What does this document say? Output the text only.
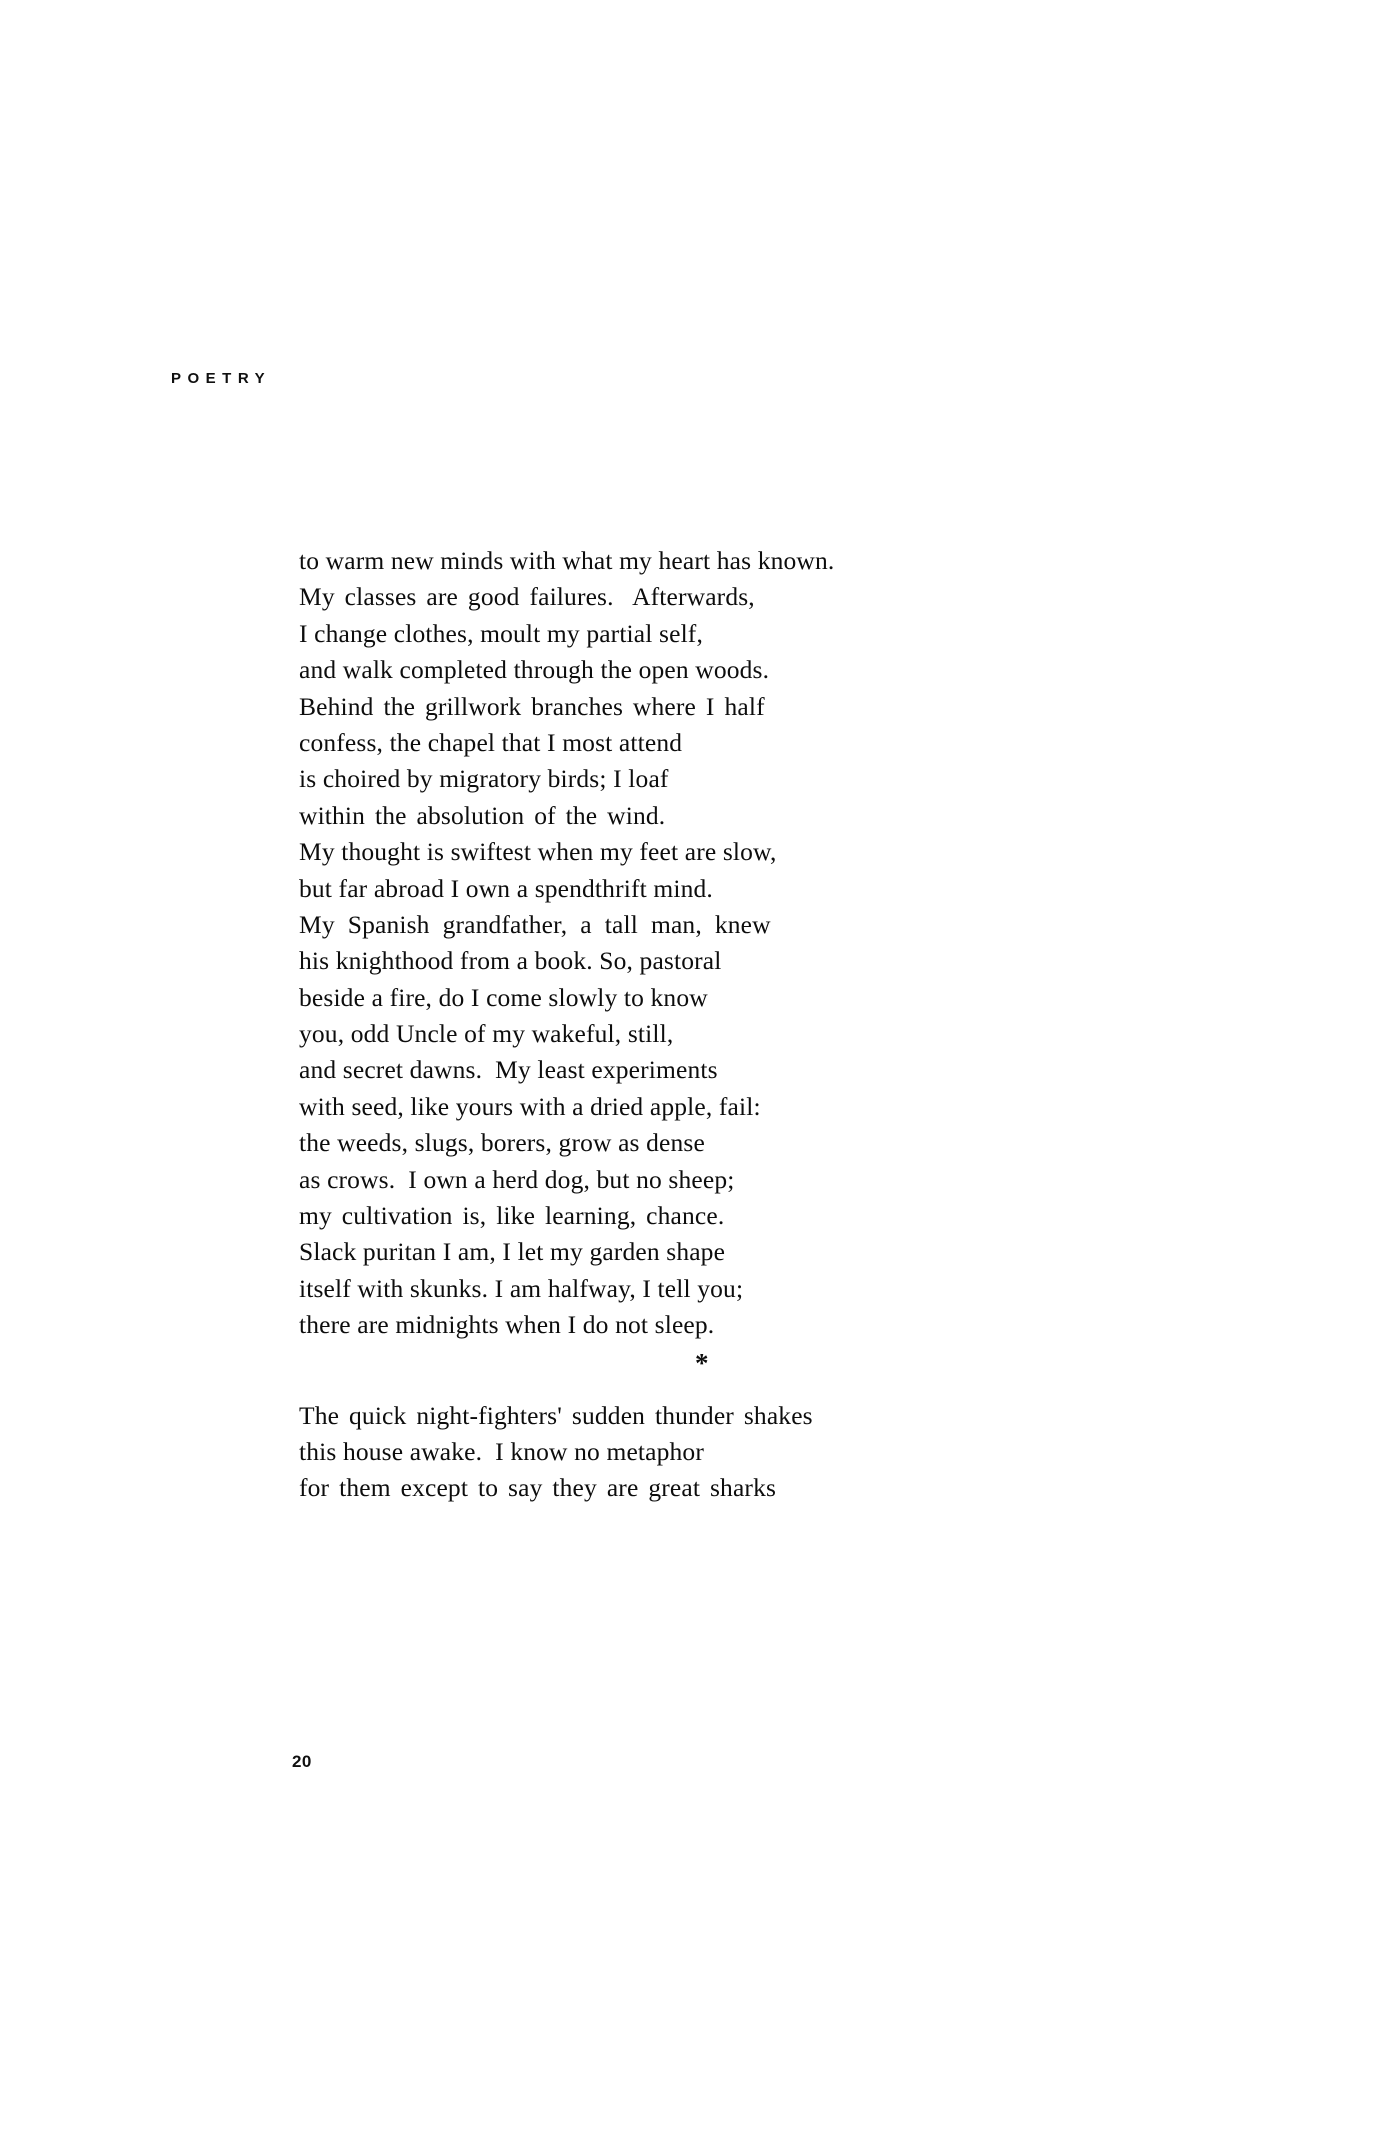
POETRY
to warm new minds with what my heart has known.
My classes are good failures.  Afterwards,
I change clothes, moult my partial self,
and walk completed through the open woods.
Behind the grillwork branches where I half
confess, the chapel that I most attend
is choired by migratory birds; I loaf
within the absolution of the wind.
My thought is swiftest when my feet are slow,
but far abroad I own a spendthrift mind.
My Spanish grandfather, a tall man, knew
his knighthood from a book. So, pastoral
beside a fire, do I come slowly to know
you, odd Uncle of my wakeful, still,
and secret dawns.  My least experiments
with seed, like yours with a dried apple, fail:
the weeds, slugs, borers, grow as dense
as crows.  I own a herd dog, but no sheep;
my cultivation is, like learning, chance.
Slack puritan I am, I let my garden shape
itself with skunks. I am halfway, I tell you;
there are midnights when I do not sleep.
*
The quick night-fighters' sudden thunder shakes
this house awake.  I know no metaphor
for them except to say they are great sharks
20
